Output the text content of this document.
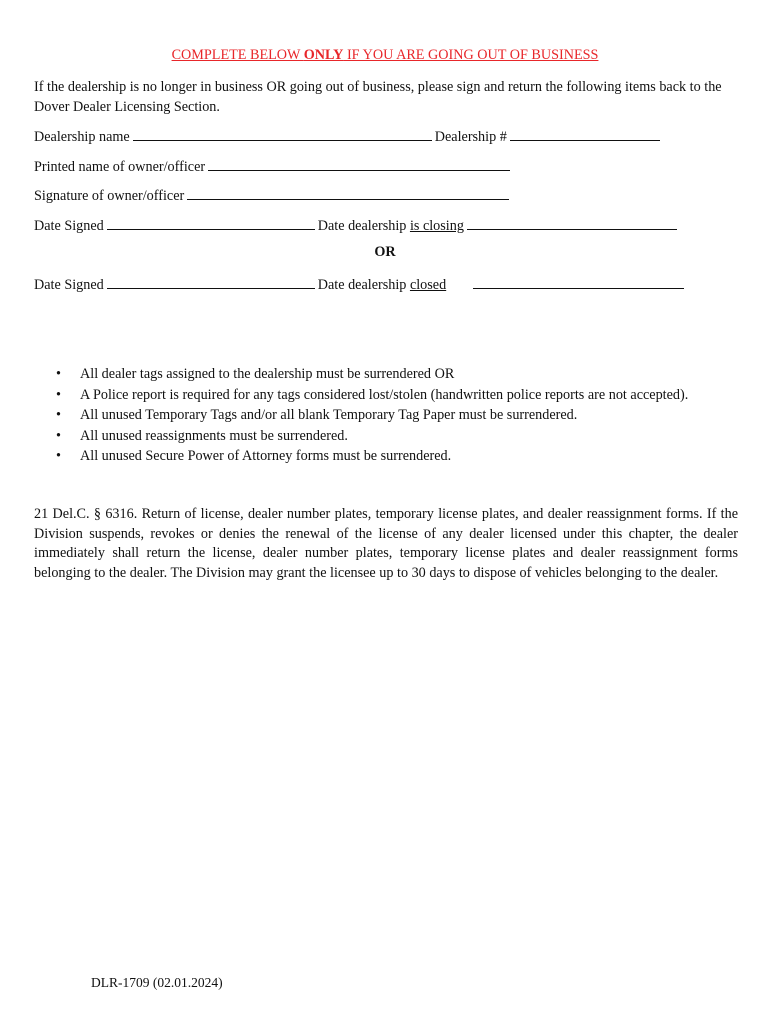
COMPLETE BELOW ONLY IF YOU ARE GOING OUT OF BUSINESS
If the dealership is no longer in business OR going out of business, please sign and return the following items back to the Dover Dealer Licensing Section.
Dealership name	Dealership #
Printed name of owner/officer
Signature of owner/officer
Date Signed	Date dealership is closing
OR
Date Signed	Date dealership closed
• All dealer tags assigned to the dealership must be surrendered OR
• A Police report is required for any tags considered lost/stolen (handwritten police reports are not accepted).
• All unused Temporary Tags and/or all blank Temporary Tag Paper must be surrendered.
• All unused reassignments must be surrendered.
• All unused Secure Power of Attorney forms must be surrendered.
21 Del.C. § 6316. Return of license, dealer number plates, temporary license plates, and dealer reassignment forms. If the Division suspends, revokes or denies the renewal of the license of any dealer licensed under this chapter, the dealer immediately shall return the license, dealer number plates, temporary license plates and dealer reassignment forms belonging to the dealer. The Division may grant the licensee up to 30 days to dispose of vehicles belonging to the dealer.
DLR-1709 (02.01.2024)
